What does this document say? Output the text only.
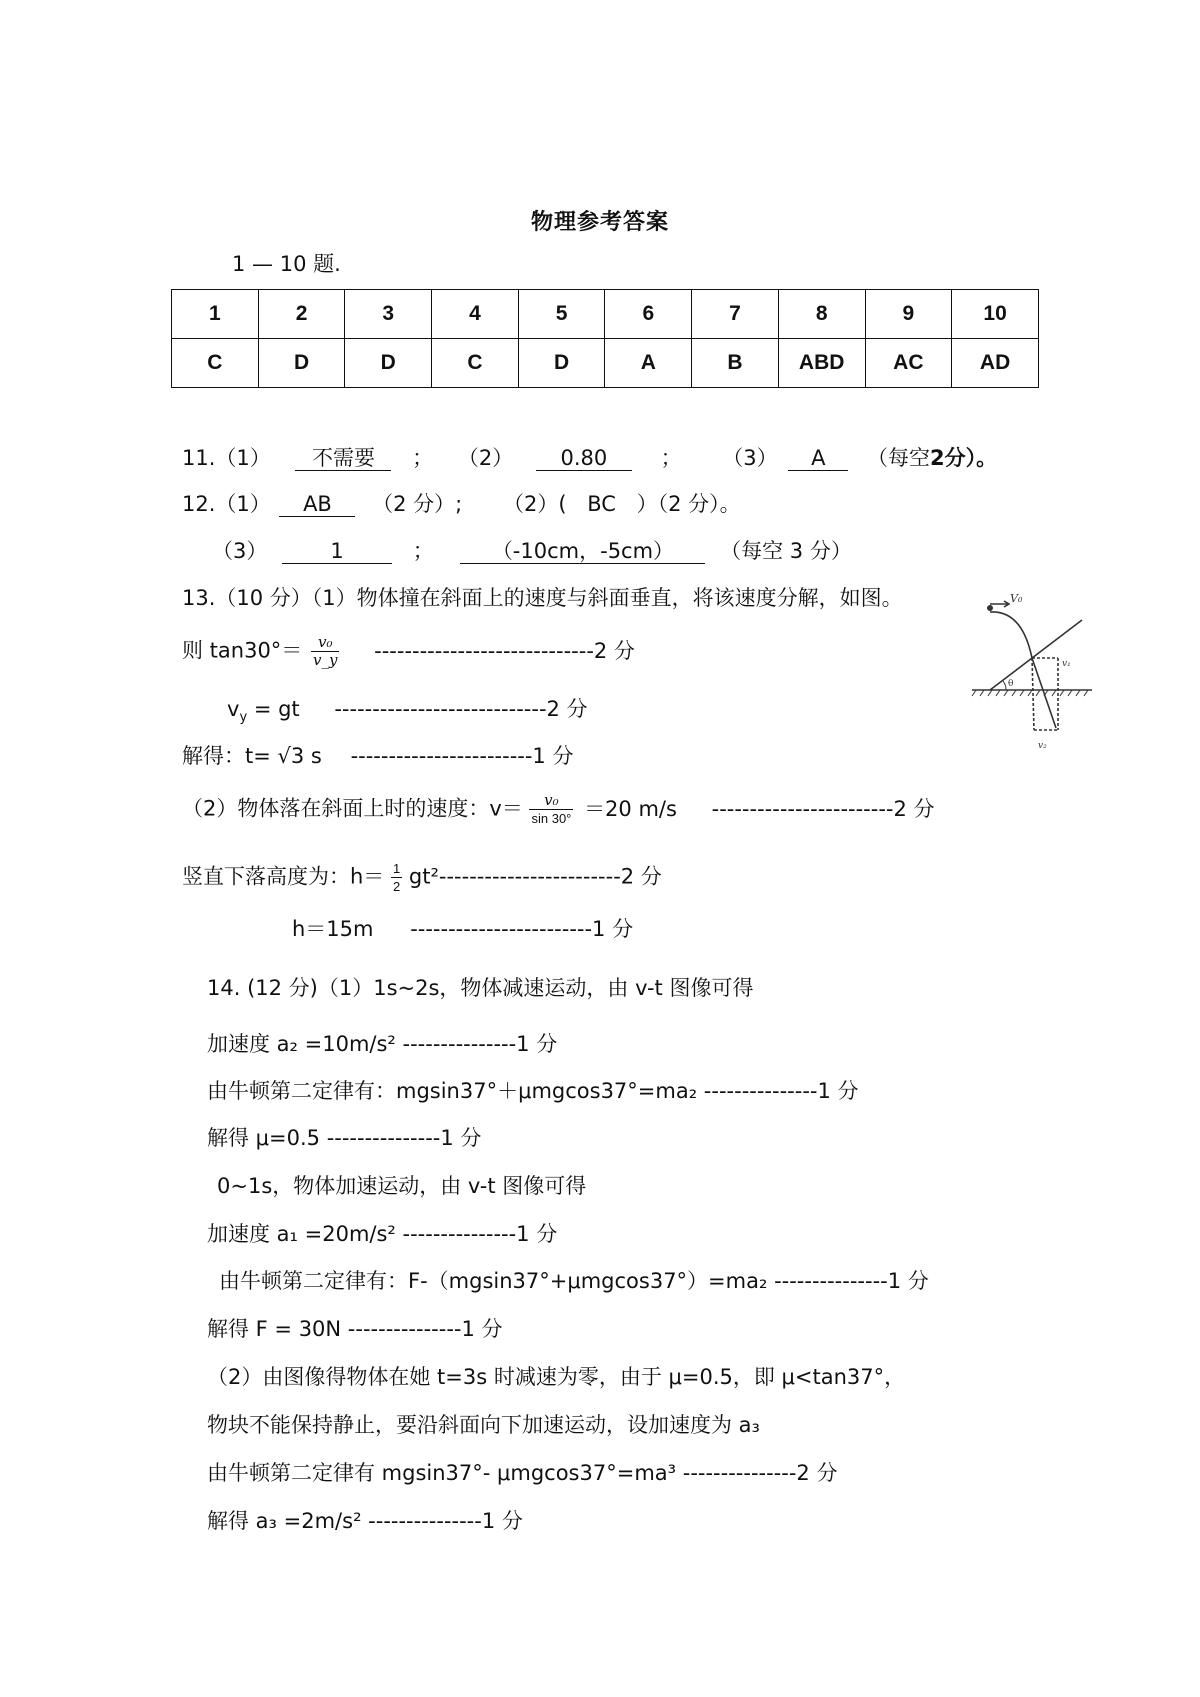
物理参考答案
1 — 10 题.
1	2	3	4	5	6	7	8	9	10
C	D	D	C	D	A	B	ABD	AC	AD
11.（1） 不需要 ； （2） 0.80	； （3） A （每空2分）。
12.（1） AB （2 分）; （2）( BC ）（2 分）。
（3）	1	；	（-10cm，-5cm） （每空 3 分）
13.（10 分）（1）物体撞在斜面上的速度与斜面垂直，将该速度分解，如图。
则 $\tan 30^\circ= \frac{\text{v₀}}{v\_y} -----------------------------2$ 分
$v_y$ = gt ----------------------------2 分
解得：t= √3 s ------------------------1 分
（2）物体落在斜面上时的速度：$v= \frac{\text{v₀}}{\sin 30^\circ} =20$ m/s ------------------------2 分
竖直下落高度为：$h= \frac{1}{2} gt^2------------------------2$ 分
h＝15m ------------------------1 分
V₀
θ
v₁
v₂
14. (12 分)（1）1s~2s，物体减速运动，由 v-t 图像可得
加速度 a₂ =10m/s² ---------------1 分
由牛顿第二定律有：mgsin37°＋μmgcos37°=ma₂ ---------------1 分
解得 μ=0.5 ---------------1 分
0~1s，物体加速运动，由 v-t 图像可得
加速度 a₁ =20m/s² ---------------1 分
由牛顿第二定律有：F-（mgsin37°+μmgcos37°）=ma₂ ---------------1 分
解得 F = 30N ---------------1 分
（2）由图像得物体在她 t=3s 时减速为零，由于 μ=0.5，即 μ<tan37°，
物块不能保持静止，要沿斜面向下加速运动，设加速度为 a₃
由牛顿第二定律有 mgsin37°- μmgcos37°=ma³ ---------------2 分
解得 a₃ =2m/s² ---------------1 分
